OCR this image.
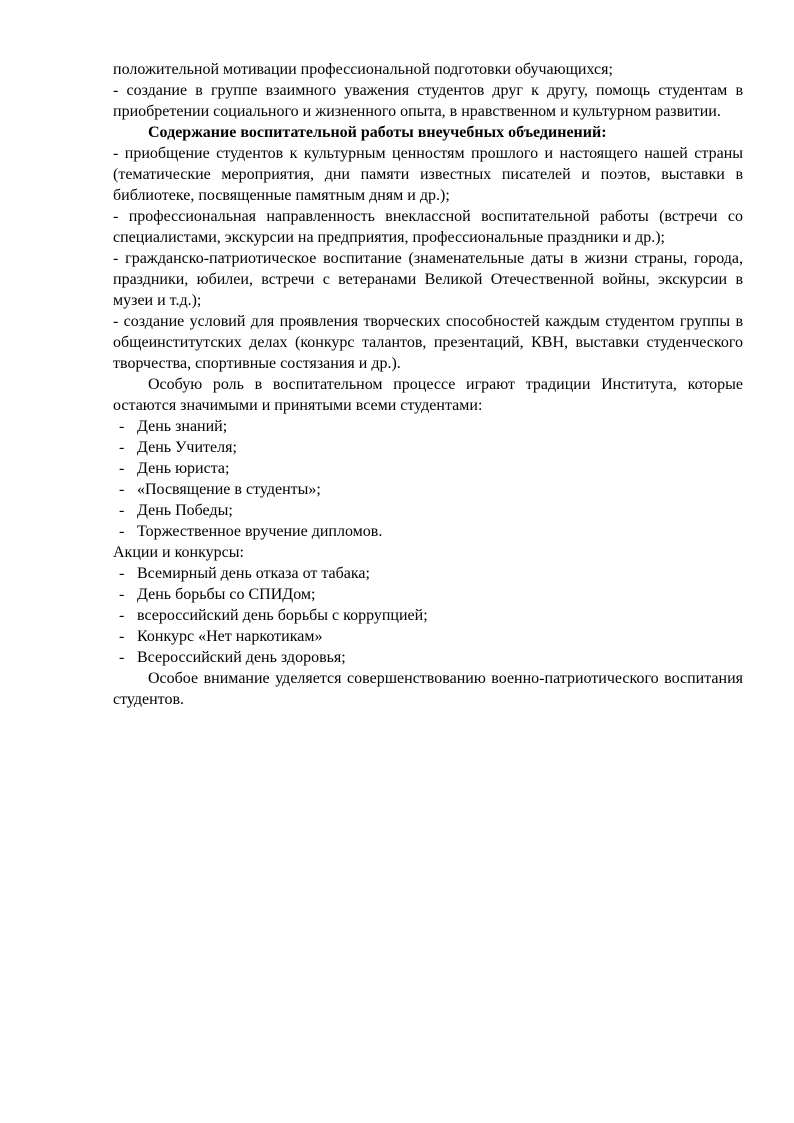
положительной мотивации профессиональной подготовки обучающихся;

- создание в группе взаимного уважения студентов друг к другу, помощь студентам в приобретении социального и жизненного опыта, в нравственном и культурном развитии.

Содержание воспитательной работы внеучебных объединений:

- приобщение студентов к культурным ценностям прошлого и настоящего нашей страны (тематические мероприятия, дни памяти известных писателей и поэтов, выставки в библиотеке, посвященные памятным дням и др.);

- профессиональная направленность внеклассной воспитательной работы (встречи со специалистами, экскурсии на предприятия, профессиональные праздники и др.);

- гражданско-патриотическое воспитание (знаменательные даты в жизни страны, города, праздники, юбилеи, встречи с ветеранами Великой Отечественной войны, экскурсии в музеи и т.д.);

- создание условий для проявления творческих способностей каждым студентом группы в общеинститутских делах (конкурс талантов, презентаций, КВН, выставки студенческого творчества, спортивные состязания и др.).

Особую роль в воспитательном процессе играют традиции Института, которые остаются значимыми и принятыми всеми студентами:

- День знаний;
- День Учителя;
- День юриста;
- «Посвящение в студенты»;
- День Победы;
- Торжественное вручение дипломов.

Акции и конкурсы:

- Всемирный день отказа от табака;
- День борьбы со СПИДом;
- всероссийский день борьбы с коррупцией;
- Конкурс «Нет наркотикам»
- Всероссийский день здоровья;

Особое внимание уделяется совершенствованию военно-патриотического воспитания студентов.
